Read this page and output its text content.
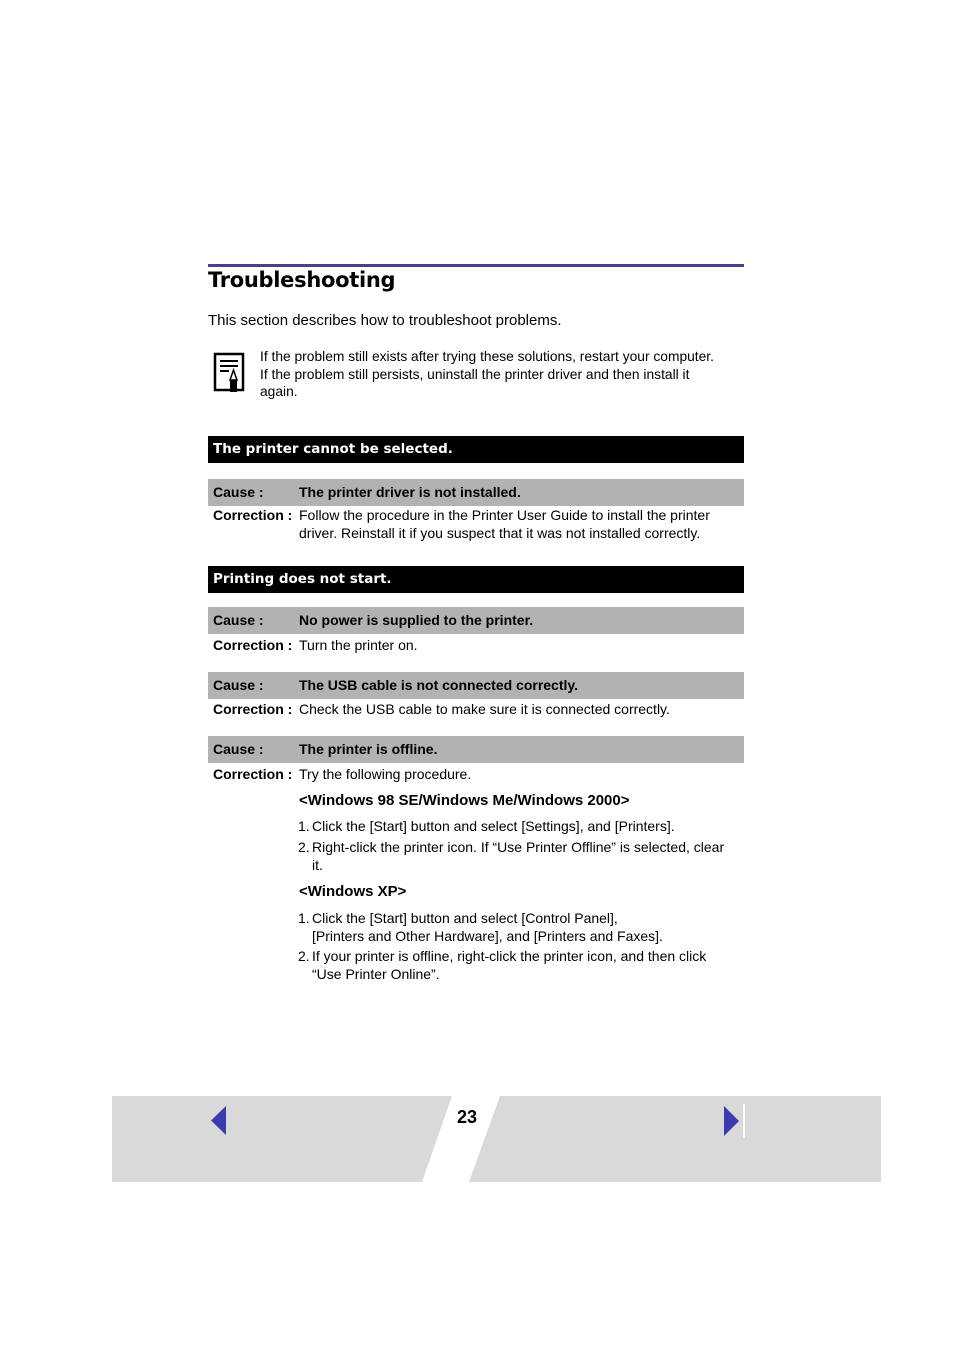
Troubleshooting
This section describes how to troubleshoot problems.
If the problem still exists after trying these solutions, restart your computer.
If the problem still persists, uninstall the printer driver and then install it
again.
The printer cannot be selected.
Cause :	The printer driver is not installed.
Correction : Follow the procedure in the Printer User Guide to install the printer
driver. Reinstall it if you suspect that it was not installed correctly.
Printing does not start.
Cause :	No power is supplied to the printer.
Correction : Turn the printer on.
Cause :	The USB cable is not connected correctly.
Correction : Check the USB cable to make sure it is connected correctly.
Cause :	The printer is offline.
Correction : Try the following procedure.
<Windows 98 SE/Windows Me/Windows 2000>
1. Click the [Start] button and select [Settings], and [Printers].
2. Right-click the printer icon. If “Use Printer Offline” is selected, clear
it.
<Windows XP>
1. Click the [Start] button and select [Control Panel],
[Printers and Other Hardware], and [Printers and Faxes].
2. If your printer is offline, right-click the printer icon, and then click
“Use Printer Online”.
23
